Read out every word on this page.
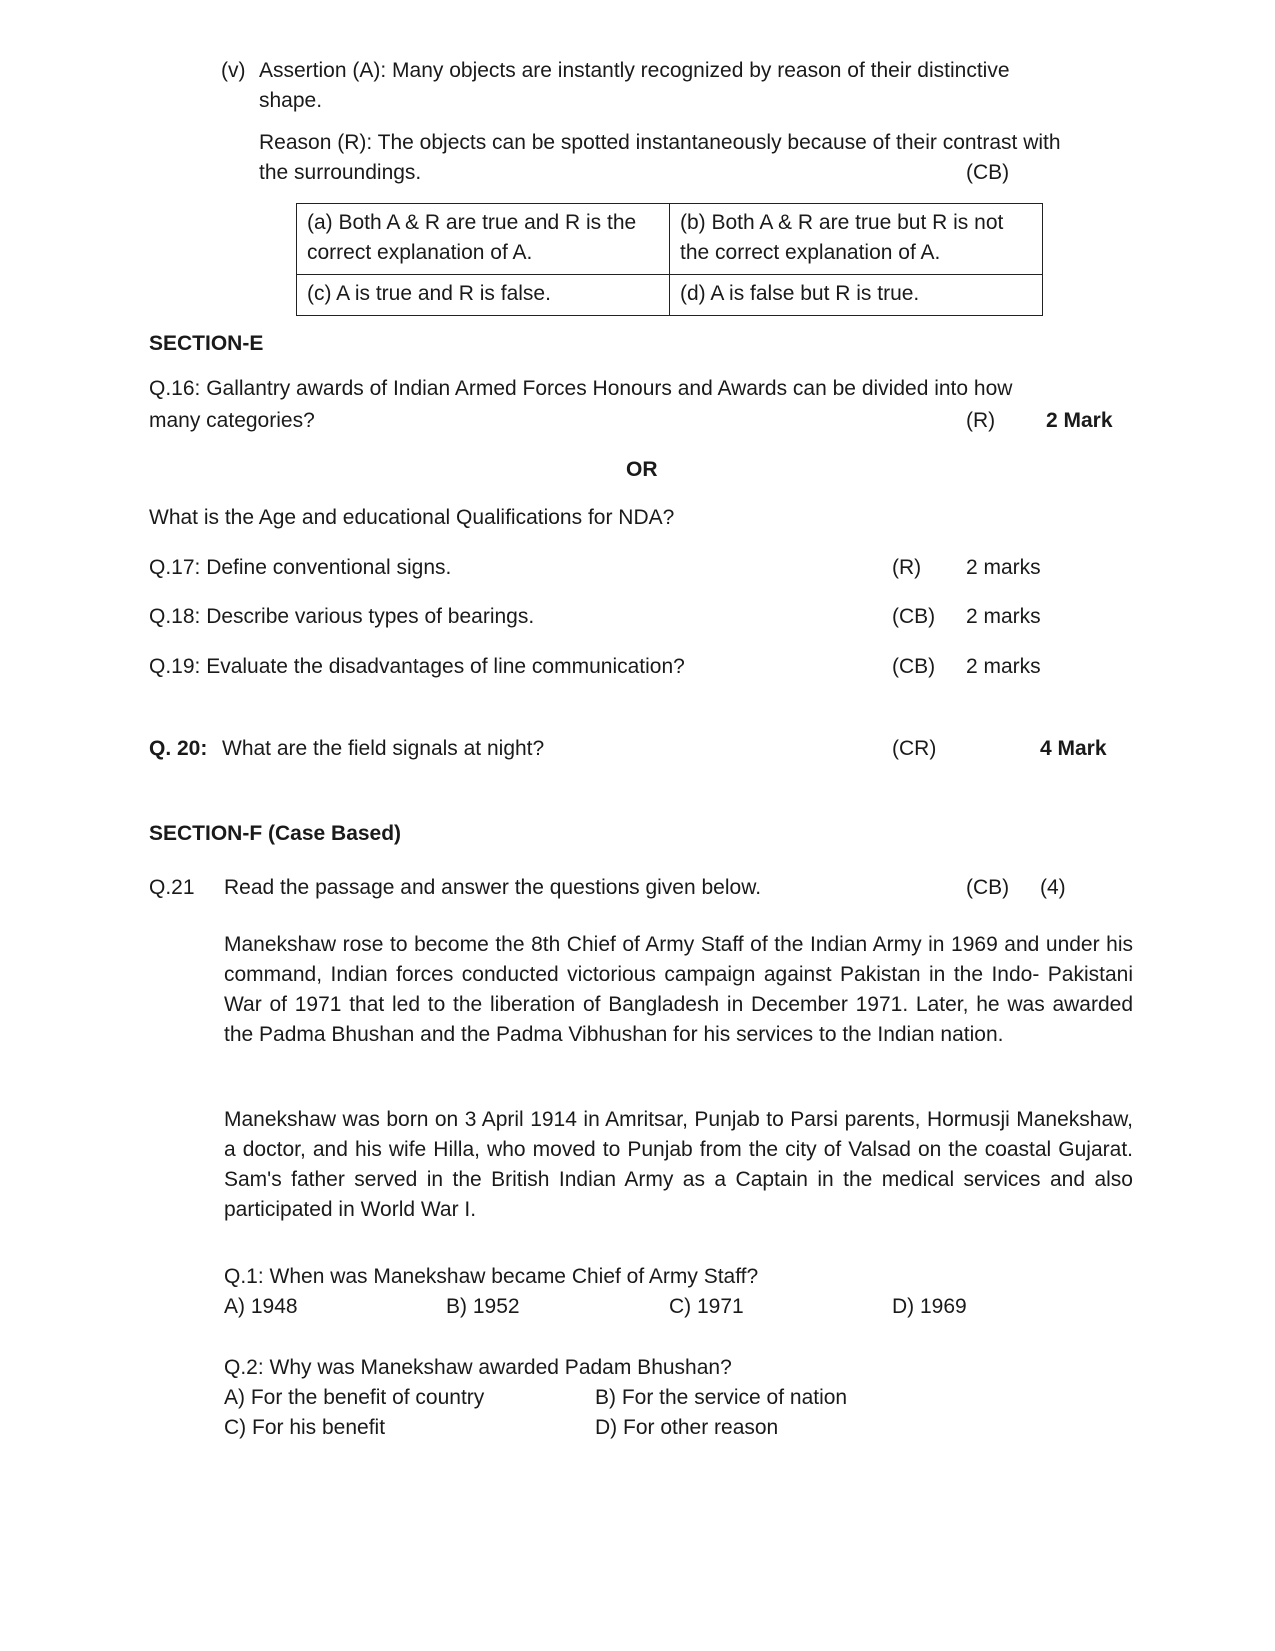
(v) Assertion (A): Many objects are instantly recognized by reason of their distinctive
shape.
Reason (R): The objects can be spotted instantaneously because of their contrast with
the surroundings.	(CB)
(a) Both A & R are true and R is the correct explanation of A.	(b) Both A & R are true but R is not the correct explanation of A.
(c) A is true and R is false.	(d) A is false but R is true.
SECTION-E
Q.16: Gallantry awards of Indian Armed Forces Honours and Awards can be divided into how
many categories?	(R) 2 Mark
OR
What is the Age and educational Qualifications for NDA?
Q.17: Define conventional signs.	(R) 2 marks
Q.18: Describe various types of bearings.	(CB) 2 marks
Q.19: Evaluate the disadvantages of line communication?	(CB) 2 marks
Q. 20: What are the field signals at night?	(CR)	4 Mark
SECTION-F (Case Based)
Q.21 Read the passage and answer the questions given below.	(CB) (4)
Manekshaw rose to become the 8th Chief of Army Staff of the Indian Army in 1969 and under his command, Indian forces conducted victorious campaign against Pakistan in the Indo- Pakistani War of 1971 that led to the liberation of Bangladesh in December 1971. Later, he was awarded the Padma Bhushan and the Padma Vibhushan for his services to the Indian nation.
Manekshaw was born on 3 April 1914 in Amritsar, Punjab to Parsi parents, Hormusji Manekshaw, a doctor, and his wife Hilla, who moved to Punjab from the city of Valsad on the coastal Gujarat. Sam's father served in the British Indian Army as a Captain in the medical services and also participated in World War I.
Q.1: When was Manekshaw became Chief of Army Staff?
A) 1948	B) 1952	C) 1971	D) 1969
Q.2: Why was Manekshaw awarded Padam Bhushan?
A) For the benefit of country	B) For the service of nation
C) For his benefit	D) For other reason
